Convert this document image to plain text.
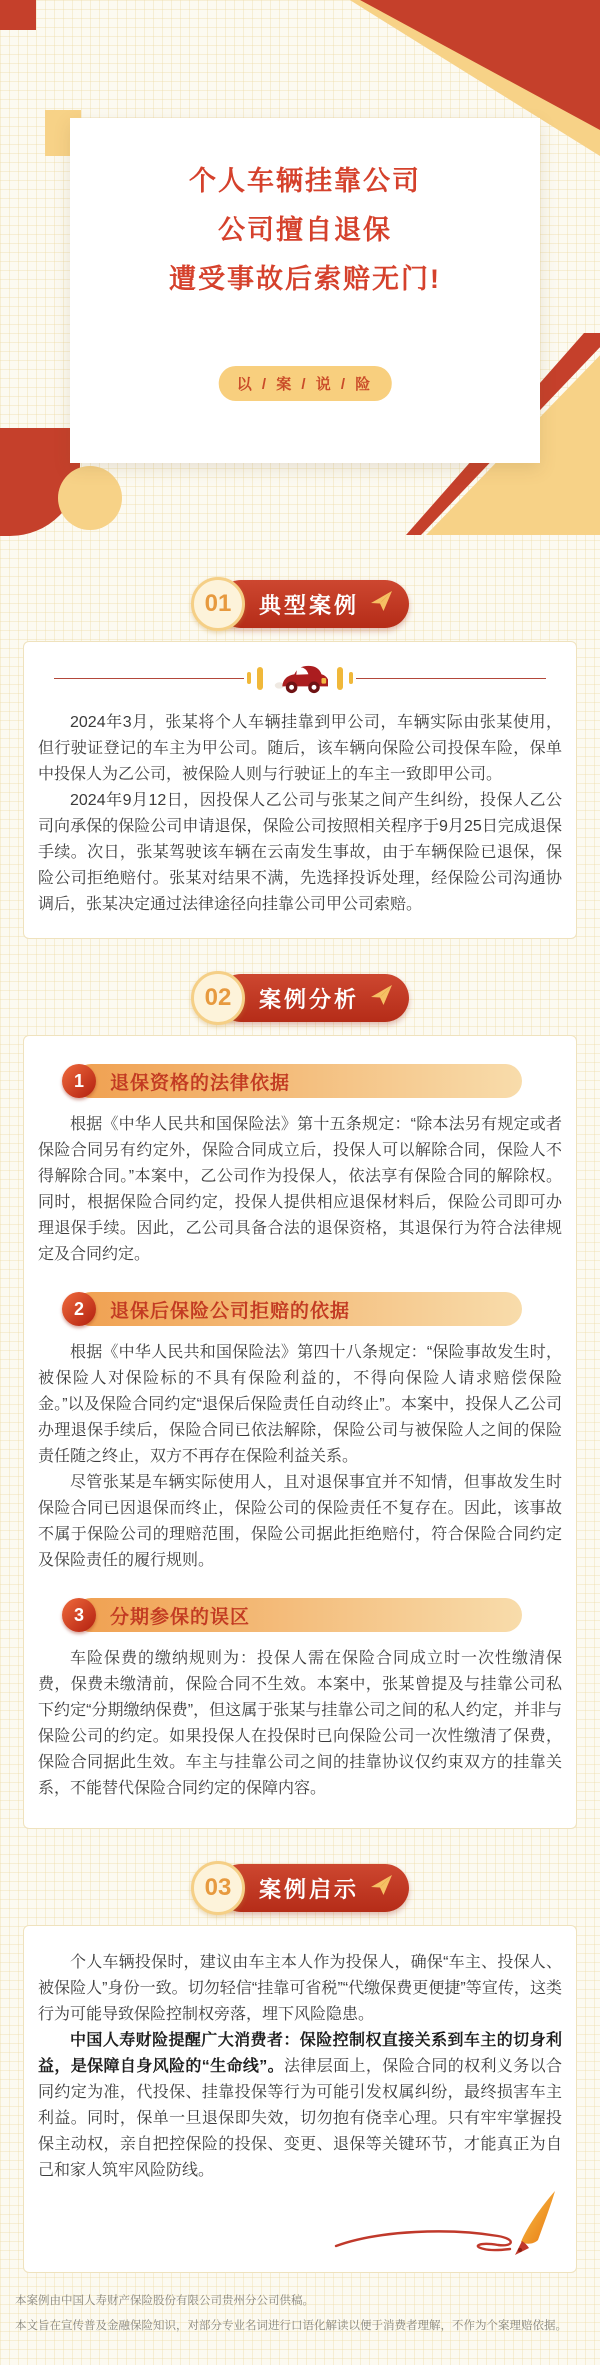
个人车辆挂靠公司
公司擅自退保
遭受事故后索赔无门!
以 / 案 / 说 / 险
01	典型案例

2024年3月，张某将个人车辆挂靠到甲公司，车辆实际由张某使用，但行驶证登记的车主为甲公司。随后，该车辆向保险公司投保车险，保单中投保人为乙公司，被保险人则与行驶证上的车主一致即甲公司。

2024年9月12日，因投保人乙公司与张某之间产生纠纷，投保人乙公司向承保的保险公司申请退保，保险公司按照相关程序于9月25日完成退保手续。次日，张某驾驶该车辆在云南发生事故，由于车辆保险已退保，保险公司拒绝赔付。张某对结果不满，先选择投诉处理，经保险公司沟通协调后，张某决定通过法律途径向挂靠公司甲公司索赔。

02	案例分析
1	退保资格的法律依据

根据《中华人民共和国保险法》第十五条规定：“除本法另有规定或者保险合同另有约定外，保险合同成立后，投保人可以解除合同，保险人不得解除合同。”本案中，乙公司作为投保人，依法享有保险合同的解除权。同时，根据保险合同约定，投保人提供相应退保材料后，保险公司即可办理退保手续。因此，乙公司具备合法的退保资格，其退保行为符合法律规定及合同约定。

2	退保后保险公司拒赔的依据

根据《中华人民共和国保险法》第四十八条规定：“保险事故发生时，被保险人对保险标的不具有保险利益的，不得向保险人请求赔偿保险金。”以及保险合同约定“退保后保险责任自动终止”。本案中，投保人乙公司办理退保手续后，保险合同已依法解除，保险公司与被保险人之间的保险责任随之终止，双方不再存在保险利益关系。

尽管张某是车辆实际使用人，且对退保事宜并不知情，但事故发生时保险合同已因退保而终止，保险公司的保险责任不复存在。因此，该事故不属于保险公司的理赔范围，保险公司据此拒绝赔付，符合保险合同约定及保险责任的履行规则。

3	分期参保的误区

车险保费的缴纳规则为：投保人需在保险合同成立时一次性缴清保费，保费未缴清前，保险合同不生效。本案中，张某曾提及与挂靠公司私下约定“分期缴纳保费”，但这属于张某与挂靠公司之间的私人约定，并非与保险公司的约定。如果投保人在投保时已向保险公司一次性缴清了保费，保险合同据此生效。车主与挂靠公司之间的挂靠协议仅约束双方的挂靠关系，不能替代保险合同约定的保障内容。

03	案例启示

个人车辆投保时，建议由车主本人作为投保人，确保“车主、投保人、被保险人”身份一致。切勿轻信“挂靠可省税”“代缴保费更便捷”等宣传，这类行为可能导致保险控制权旁落，埋下风险隐患。

中国人寿财险提醒广大消费者：保险控制权直接关系到车主的切身利益，是保障自身风险的“生命线”。法律层面上，保险合同的权利义务以合同约定为准，代投保、挂靠投保等行为可能引发权属纠纷，最终损害车主利益。同时，保单一旦退保即失效，切勿抱有侥幸心理。只有牢牢掌握投保主动权，亲自把控保险的投保、变更、退保等关键环节，才能真正为自己和家人筑牢风险防线。

本案例由中国人寿财产保险股份有限公司贵州分公司供稿。
本文旨在宣传普及金融保险知识，对部分专业名词进行口语化解读以便于消费者理解，不作为个案理赔依据。
